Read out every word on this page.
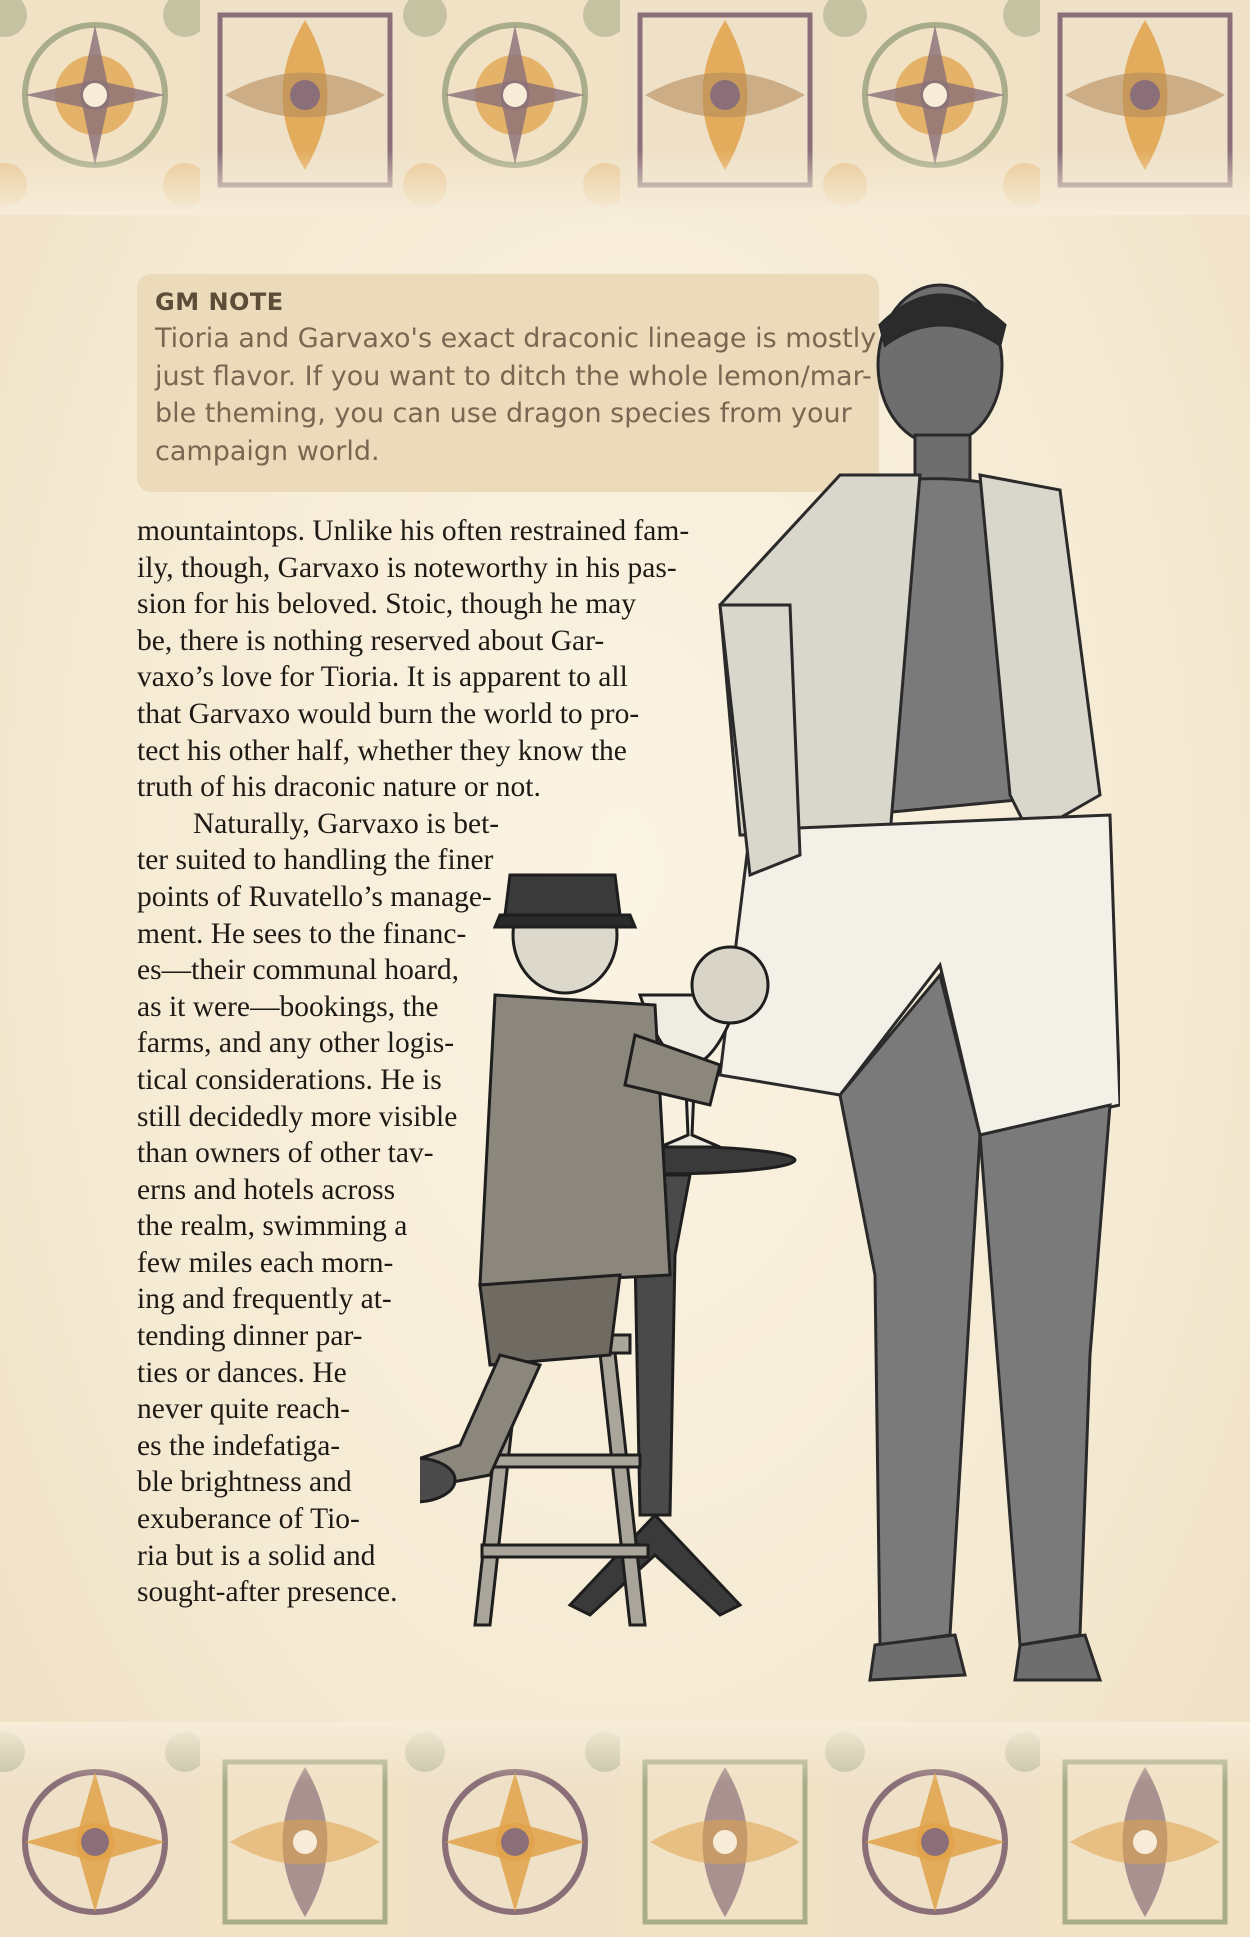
GM NOTE
Tioria and Garvaxo's exact draconic lineage is mostly
just flavor. If you want to ditch the whole lemon/mar-
ble theming, you can use dragon species from your
campaign world.
mountaintops. Unlike his often restrained fam-
ily, though, Garvaxo is noteworthy in his pas-
sion for his beloved. Stoic, though he may
be, there is nothing reserved about Gar-
vaxo’s love for Tioria. It is apparent to all
that Garvaxo would burn the world to pro-
tect his other half, whether they know the
truth of his draconic nature or not.
Naturally, Garvaxo is bet-
ter suited to handling the finer
points of Ruvatello’s manage-
ment. He sees to the financ-
es—their communal hoard,
as it were—bookings, the
farms, and any other logis-
tical considerations. He is
still decidedly more visible
than owners of other tav-
erns and hotels across
the realm, swimming a
few miles each morn-
ing and frequently at-
tending dinner par-
ties or dances. He
never quite reach-
es the indefatiga-
ble brightness and
exuberance of Tio-
ria but is a solid and
sought-after presence.
